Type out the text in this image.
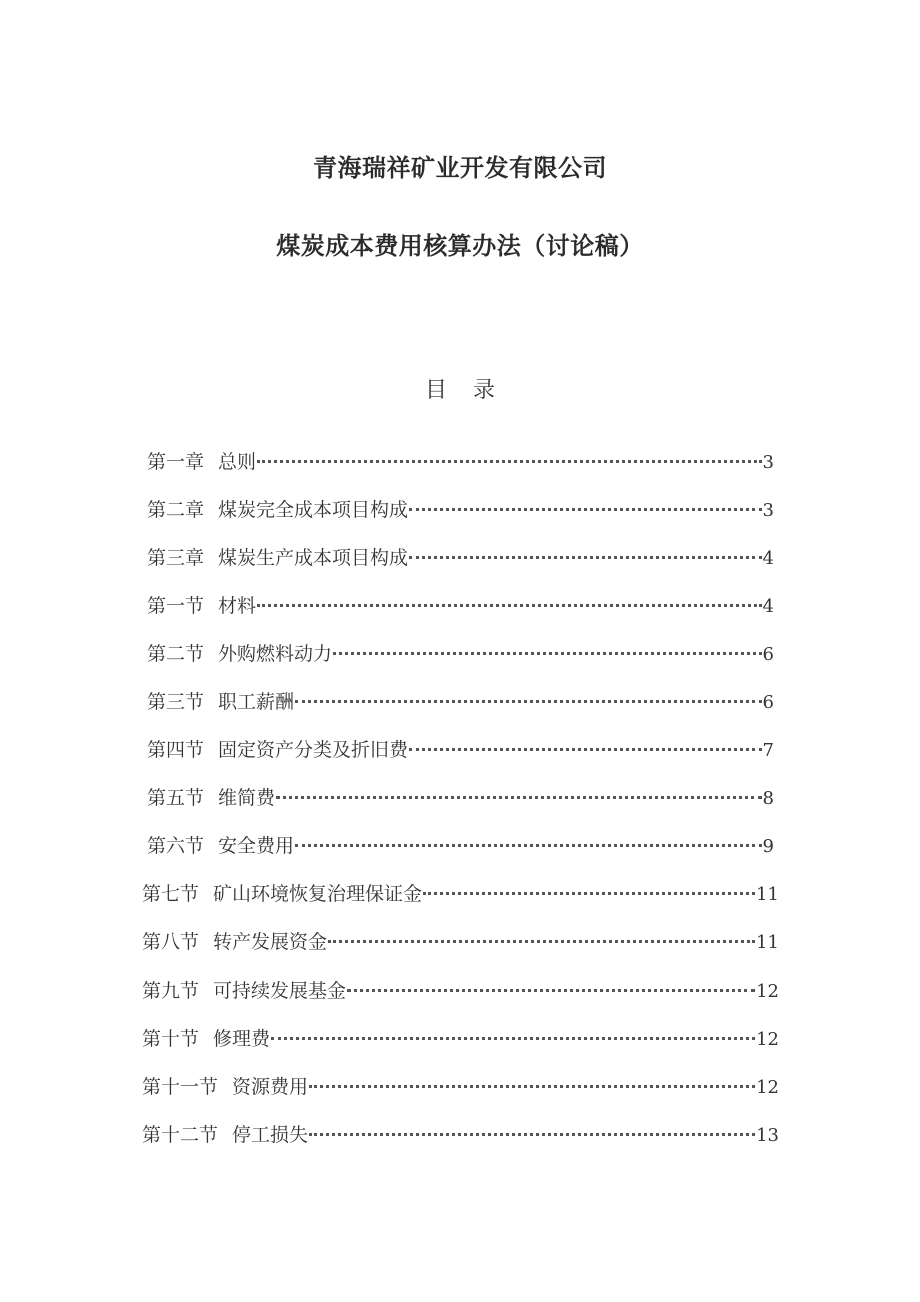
青海瑞祥矿业开发有限公司
煤炭成本费用核算办法（讨论稿）
目 录
第一章 总则	3
第二章 煤炭完全成本项目构成	3
第三章 煤炭生产成本项目构成	4
第一节 材料	4
第二节 外购燃料动力	6
第三节 职工薪酬	6
第四节 固定资产分类及折旧费	7
第五节 维简费	8
第六节 安全费用	9
第七节 矿山环境恢复治理保证金	11
第八节 转产发展资金	11
第九节 可持续发展基金	12
第十节 修理费	12
第十一节 资源费用	12
第十二节 停工损失	13
